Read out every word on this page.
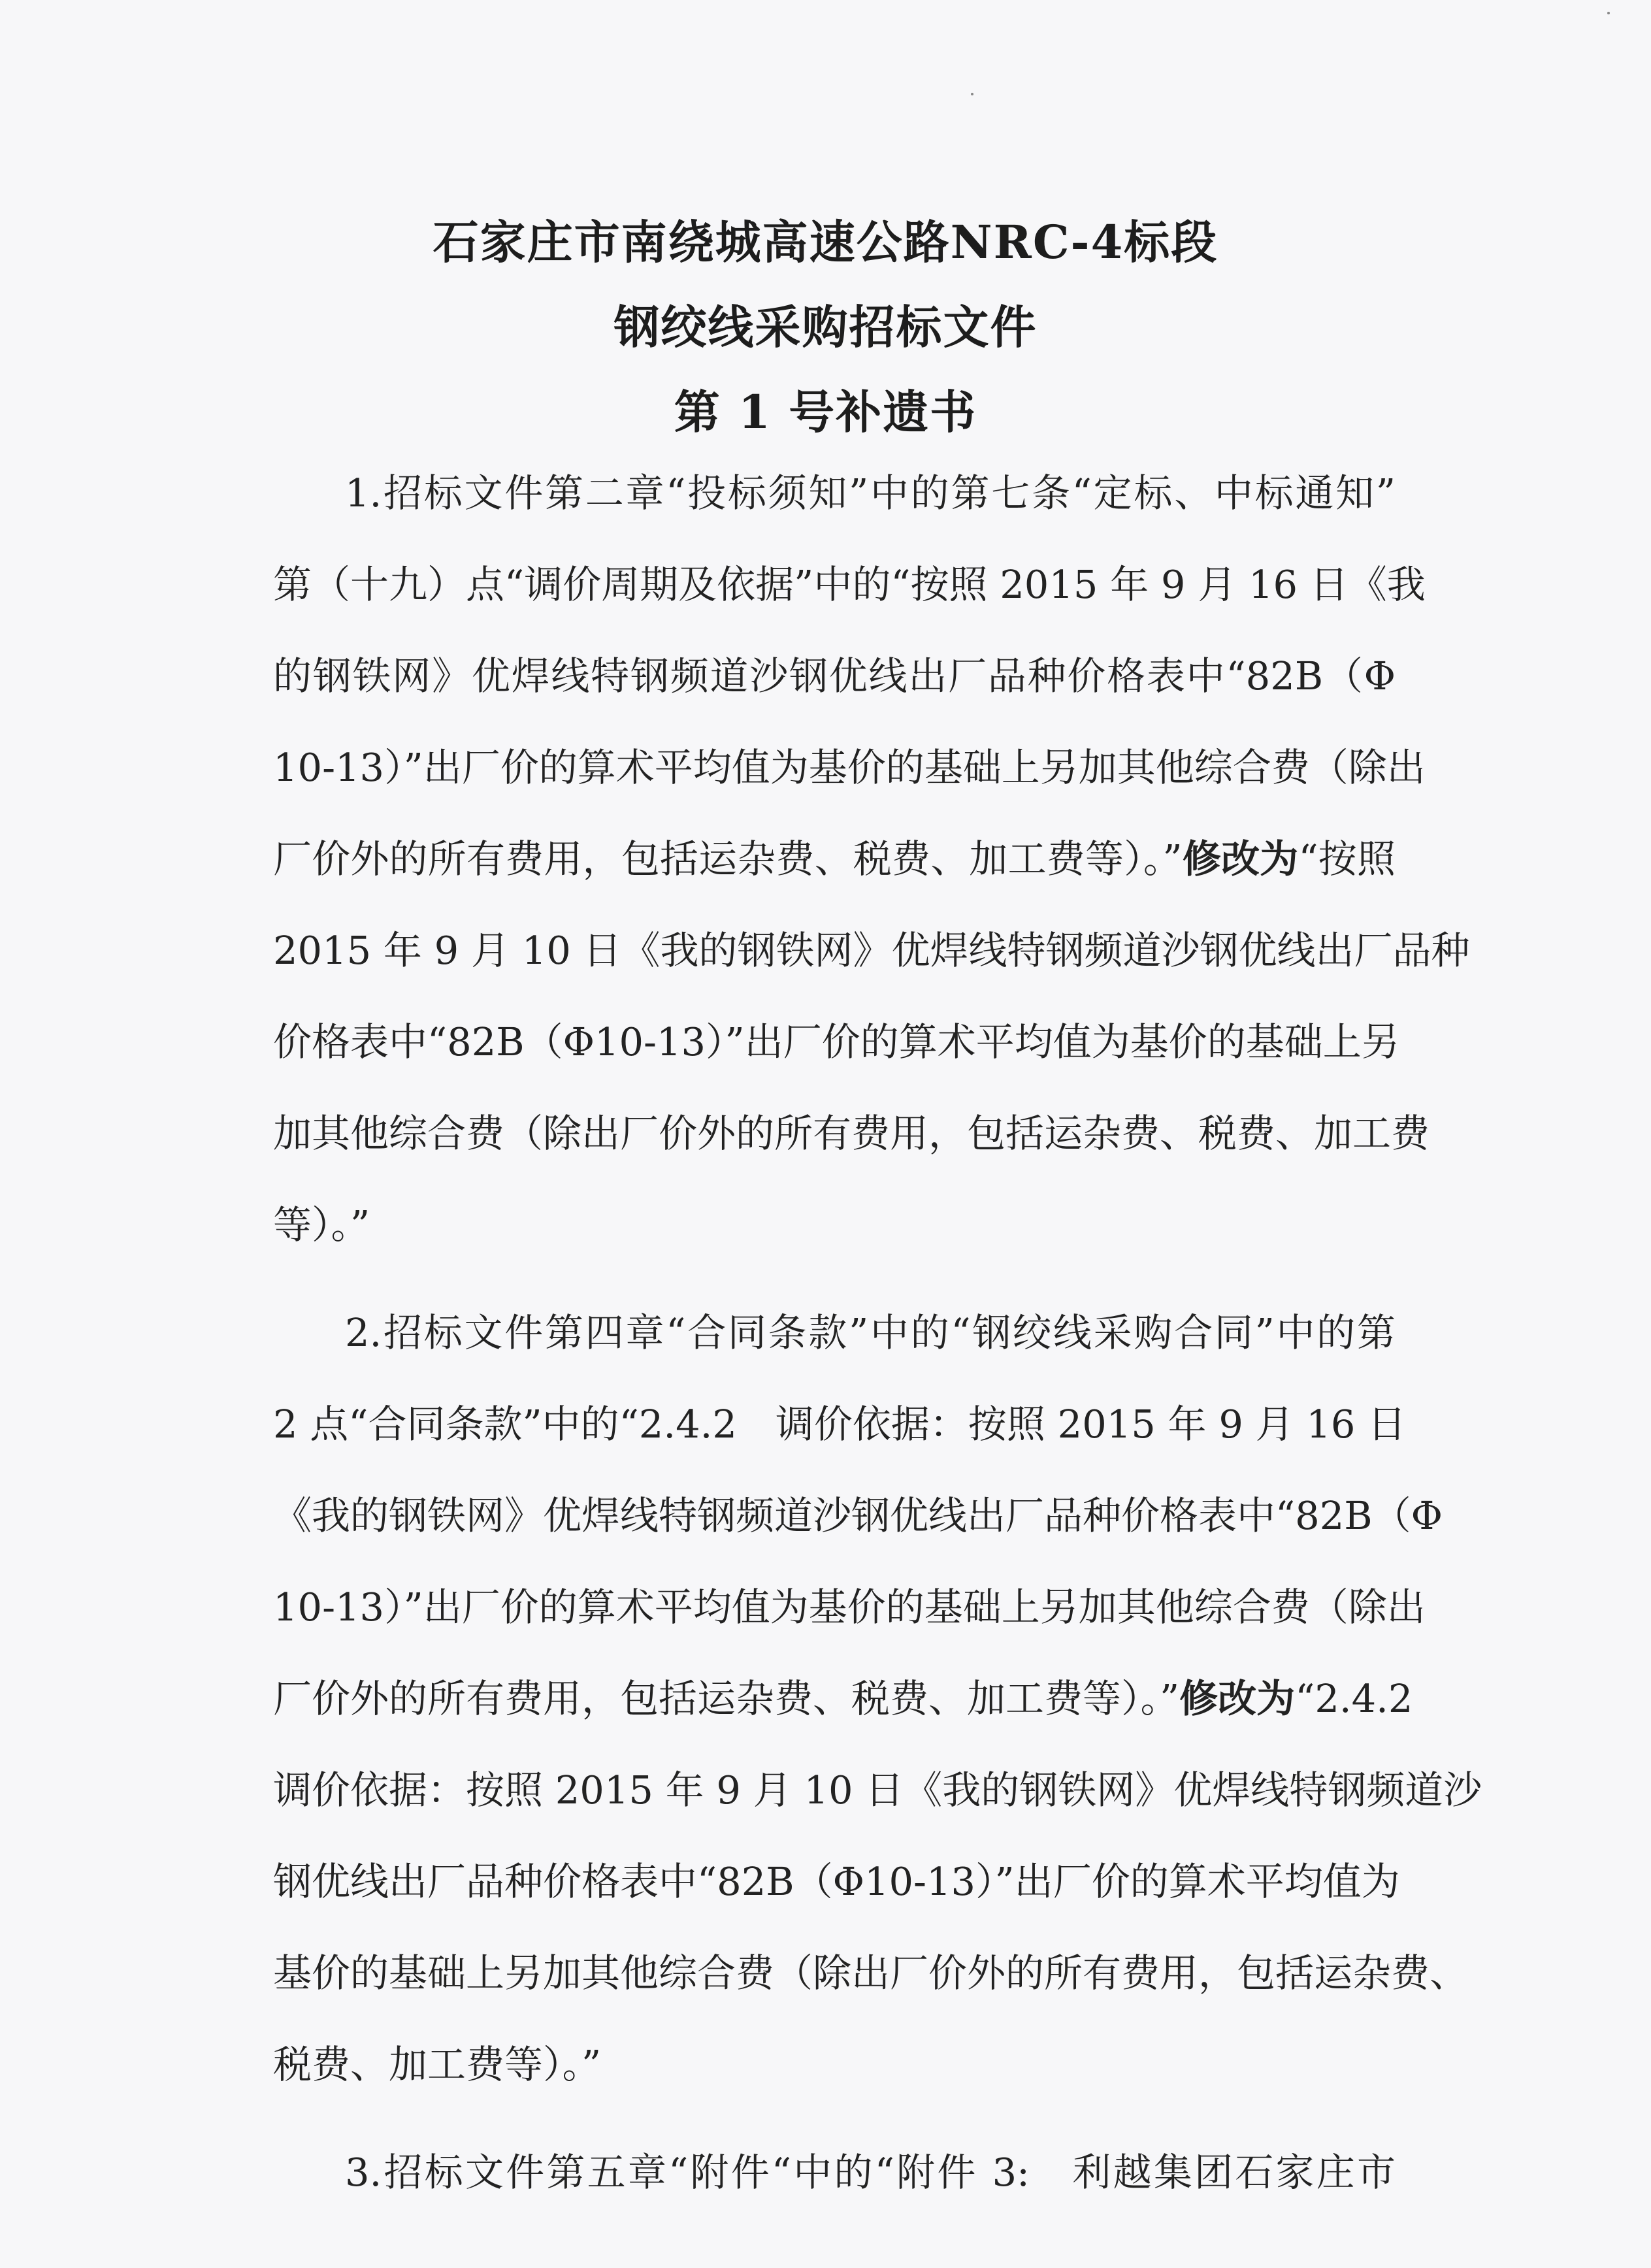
石家庄市南绕城高速公路NRC-4标段
钢绞线采购招标文件
第 1 号补遗书
1.招标文件第二章“投标须知”中的第七条“定标、中标通知”
第（十九）点“调价周期及依据”中的“按照 2015 年 9 月 16 日《我
的钢铁网》优焊线特钢频道沙钢优线出厂品种价格表中“82B（Φ
10-13）”出厂价的算术平均值为基价的基础上另加其他综合费（除出
厂价外的所有费用，包括运杂费、税费、加工费等）。”修改为“按照
2015 年 9 月 10 日《我的钢铁网》优焊线特钢频道沙钢优线出厂品种
价格表中“82B（Φ10-13）”出厂价的算术平均值为基价的基础上另
加其他综合费（除出厂价外的所有费用，包括运杂费、税费、加工费
等）。”
2.招标文件第四章“合同条款”中的“钢绞线采购合同”中的第
2 点“合同条款”中的“2.4.2　调价依据：按照 2015 年 9 月 16 日
《我的钢铁网》优焊线特钢频道沙钢优线出厂品种价格表中“82B（Φ
10-13）”出厂价的算术平均值为基价的基础上另加其他综合费（除出
厂价外的所有费用，包括运杂费、税费、加工费等）。”修改为“2.4.2
调价依据：按照 2015 年 9 月 10 日《我的钢铁网》优焊线特钢频道沙
钢优线出厂品种价格表中“82B（Φ10-13）”出厂价的算术平均值为
基价的基础上另加其他综合费（除出厂价外的所有费用，包括运杂费、
税费、加工费等）。”
3.招标文件第五章“附件“中的“附件 3:　利越集团石家庄市
